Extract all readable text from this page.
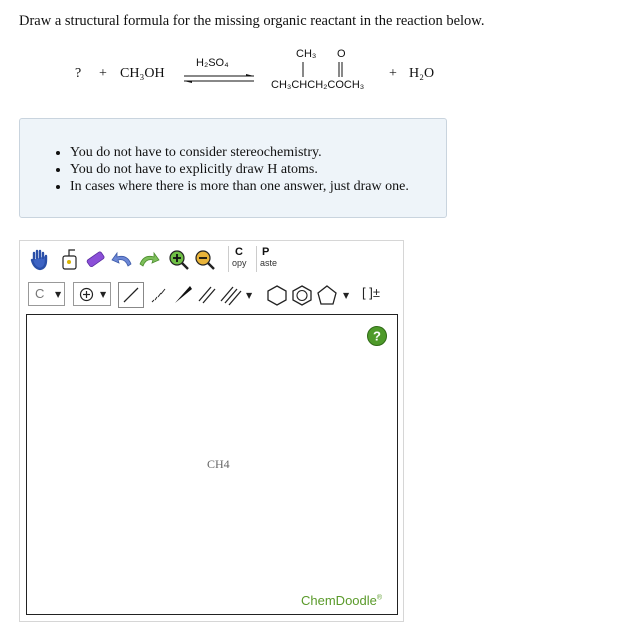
Draw a structural formula for the missing organic reactant in the reaction below.
? + CH₃OH
H₂SO₄
CH₃ O
CH₃CHCH₂COCH₃
+ H₂O
• You do not have to consider stereochemistry.
• You do not have to explicitly draw H atoms.
• In cases where there is more than one answer, just draw one.
C
opy
P
aste
C ▼	▼	▼	▼ [ ]±
?
CH4
ChemDoodle®
